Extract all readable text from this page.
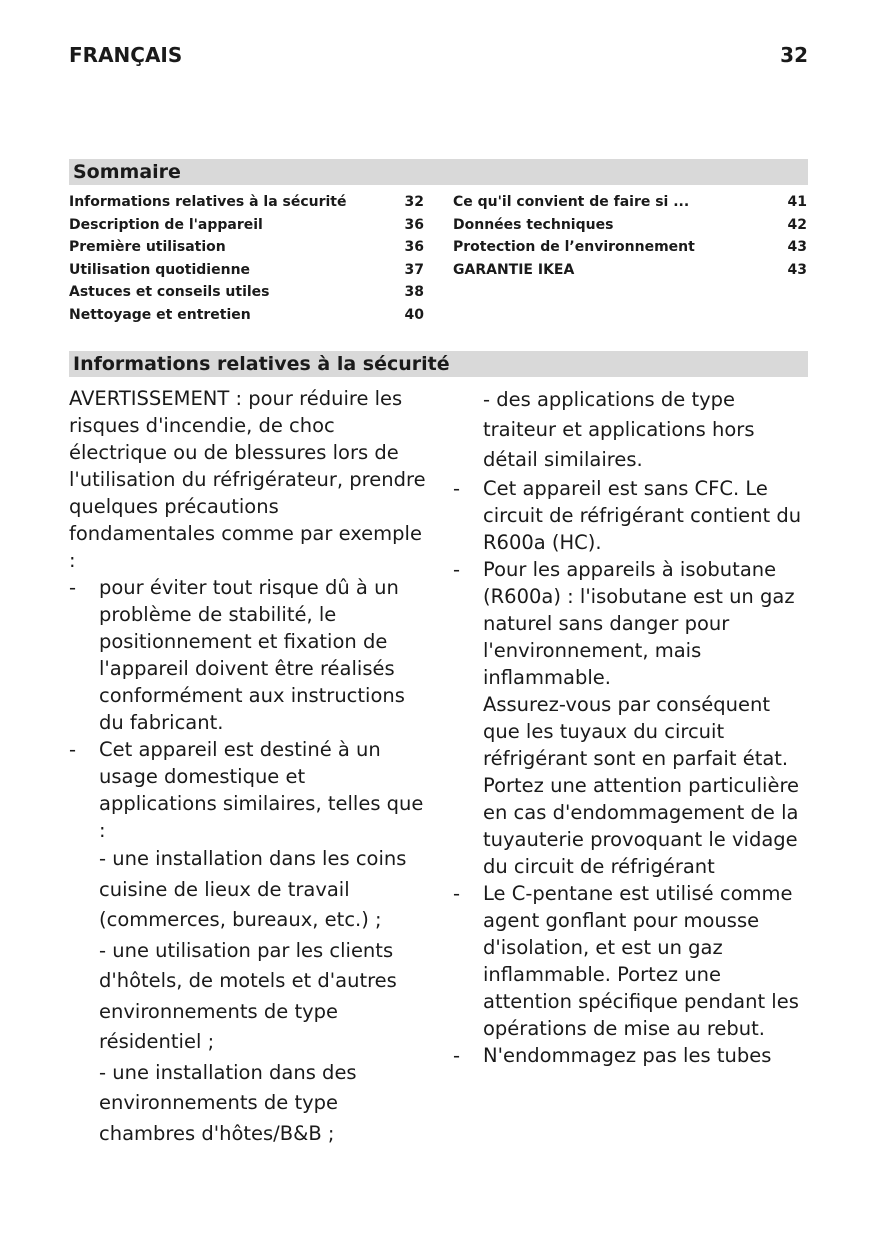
FRANÇAIS	32
Sommaire
Informations relatives à la sécurité	32
Description de l'appareil	36
Première utilisation	36
Utilisation quotidienne	37
Astuces et conseils utiles	38
Nettoyage et entretien	40
Ce qu'il convient de faire si ...	41
Données techniques	42
Protection de l’environnement	43
GARANTIE IKEA	43
Informations relatives à la sécurité

AVERTISSEMENT : pour réduire les risques d'incendie, de choc électrique ou de blessures lors de l'utilisation du réfrigérateur, prendre quelques précautions fondamentales comme par exemple :

- pour éviter tout risque dû à un problème de stabilité, le positionnement et fixation de l'appareil doivent être réalisés conformément aux instructions du fabricant.

- Cet appareil est destiné à un usage domestique et applications similaires, telles que :

- une installation dans les coins cuisine de lieux de travail (commerces, bureaux, etc.) ;

- une utilisation par les clients d'hôtels, de motels et d'autres environnements de type résidentiel ;

- une installation dans des environnements de type chambres d'hôtes/B&B ;

- des applications de type traiteur et applications hors détail similaires.

- Cet appareil est sans CFC. Le circuit de réfrigérant contient du R600a (HC).

- Pour les appareils à isobutane (R600a) : l'isobutane est un gaz naturel sans danger pour l'environnement, mais inflammable.

Assurez-vous par conséquent que les tuyaux du circuit réfrigérant sont en parfait état.

Portez une attention particulière en cas d'endommagement de la tuyauterie provoquant le vidage du circuit de réfrigérant

- Le C-pentane est utilisé comme agent gonflant pour mousse d'isolation, et est un gaz inflammable. Portez une attention spécifique pendant les opérations de mise au rebut.

- N'endommagez pas les tubes
